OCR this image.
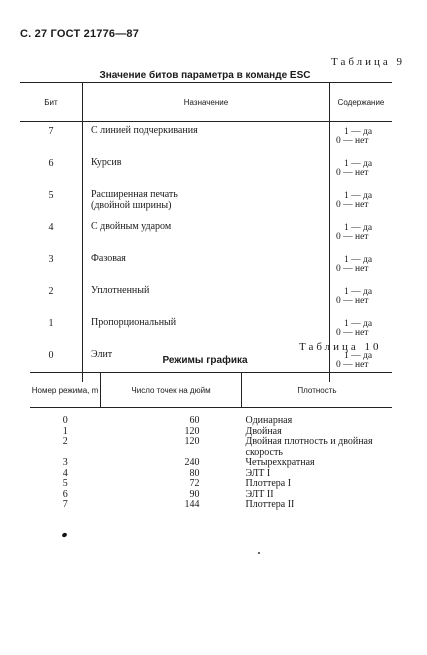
С. 27 ГОСТ 21776—87
Таблица 9
Значение битов параметра в команде ESC
Бит	Назначение	Содержание
7	С линией подчеркивания	1 — да
0 — нет

6	Курсив	1 — да
0 — нет

5	Расширенная печать
(двойной ширины)	1 — да
0 — нет

4	С двойным ударом	1 — да
0 — нет

3	Фазовая	1 — да
0 — нет

2	Уплотненный	1 — да
0 — нет

1	Пропорциональный	1 — да
0 — нет

0	Элит	1 — да
0 — нет
Таблица 10
Режимы графика
Номер режима, m	Число точек на дюйм	Плотность
0	60	Одинарная
1	120	Двойная
2	120	Двойная плотность и двойная скорость
3	240	Четырехкратная
4	80	ЭЛТ I
5	72	Плоттера I
6	90	ЭЛТ II
7	144	Плоттера II
